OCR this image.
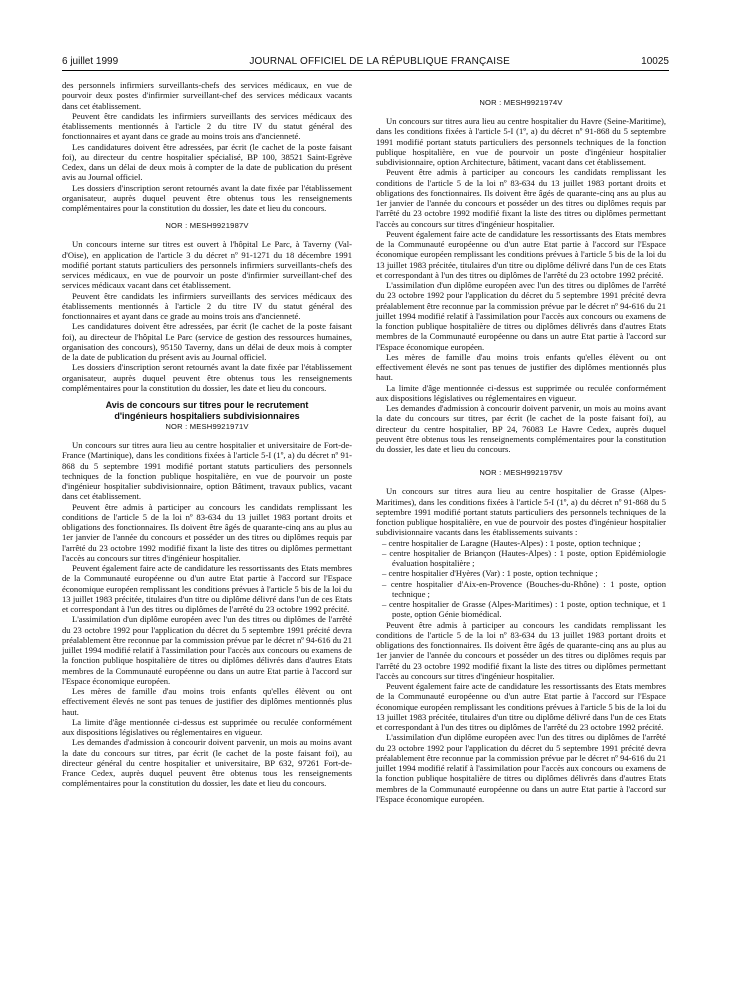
6 juillet 1999	JOURNAL OFFICIEL DE LA RÉPUBLIQUE FRANÇAISE	10025

des personnels infirmiers surveillants-chefs des services médicaux, en vue de pourvoir deux postes d'infirmier surveillant-chef des services médicaux vacants dans cet établissement.

Peuvent être candidats les infirmiers surveillants des services médicaux des établissements mentionnés à l'article 2 du titre IV du statut général des fonctionnaires et ayant dans ce grade au moins trois ans d'ancienneté.

Les candidatures doivent être adressées, par écrit (le cachet de la poste faisant foi), au directeur du centre hospitalier spécialisé, BP 100, 38521 Saint-Egrève Cedex, dans un délai de deux mois à compter de la date de publication du présent avis au Journal officiel.

Les dossiers d'inscription seront retournés avant la date fixée par l'établissement organisateur, auprès duquel peuvent être obtenus tous les renseignements complémentaires pour la constitution du dossier, les date et lieu du concours.

NOR : MESH9921987V

Un concours interne sur titres est ouvert à l'hôpital Le Parc, à Taverny (Val-d'Oise), en application de l'article 3 du décret nº 91-1271 du 18 décembre 1991 modifié portant statuts particuliers des personnels infirmiers surveillants-chefs des services médicaux, en vue de pourvoir un poste d'infirmier surveillant-chef des services médicaux vacant dans cet établissement.

Peuvent être candidats les infirmiers surveillants des services médicaux des établissements mentionnés à l'article 2 du titre IV du statut général des fonctionnaires et ayant dans ce grade au moins trois ans d'ancienneté.

Les candidatures doivent être adressées, par écrit (le cachet de la poste faisant foi), au directeur de l'hôpital Le Parc (service de gestion des ressources humaines, organisation des concours), 95150 Taverny, dans un délai de deux mois à compter de la date de publication du présent avis au Journal officiel.

Les dossiers d'inscription seront retournés avant la date fixée par l'établissement organisateur, auprès duquel peuvent être obtenus tous les renseignements complémentaires pour la constitution du dossier, les date et lieu du concours.

Avis de concours sur titres pour le recrutement
d'ingénieurs hospitaliers subdivisionnaires
NOR : MESH9921971V

Un concours sur titres aura lieu au centre hospitalier et universitaire de Fort-de-France (Martinique), dans les conditions fixées à l'article 5-I (1º, a) du décret nº 91-868 du 5 septembre 1991 modifié portant statuts particuliers des personnels techniques de la fonction publique hospitalière, en vue de pourvoir un poste d'ingénieur hospitalier subdivisionnaire, option Bâtiment, travaux publics, vacant dans cet établissement.

Peuvent être admis à participer au concours les candidats remplissant les conditions de l'article 5 de la loi nº 83-634 du 13 juillet 1983 portant droits et obligations des fonctionnaires. Ils doivent être âgés de quarante-cinq ans au plus au 1er janvier de l'année du concours et posséder un des titres ou diplômes requis par l'arrêté du 23 octobre 1992 modifié fixant la liste des titres ou diplômes permettant l'accès au concours sur titres d'ingénieur hospitalier.

Peuvent également faire acte de candidature les ressortissants des Etats membres de la Communauté européenne ou d'un autre Etat partie à l'accord sur l'Espace économique européen remplissant les conditions prévues à l'article 5 bis de la loi du 13 juillet 1983 précitée, titulaires d'un titre ou diplôme délivré dans l'un de ces Etats et correspondant à l'un des titres ou diplômes de l'arrêté du 23 octobre 1992 précité.

L'assimilation d'un diplôme européen avec l'un des titres ou diplômes de l'arrêté du 23 octobre 1992 pour l'application du décret du 5 septembre 1991 précité devra préalablement être reconnue par la commission prévue par le décret nº 94-616 du 21 juillet 1994 modifié relatif à l'assimilation pour l'accès aux concours ou examens de la fonction publique hospitalière de titres ou diplômes délivrés dans d'autres Etats membres de la Communauté européenne ou dans un autre Etat partie à l'accord sur l'Espace économique européen.

Les mères de famille d'au moins trois enfants qu'elles élèvent ou ont effectivement élevés ne sont pas tenues de justifier des diplômes mentionnés plus haut.

La limite d'âge mentionnée ci-dessus est supprimée ou reculée conformément aux dispositions législatives ou réglementaires en vigueur.

Les demandes d'admission à concourir doivent parvenir, un mois au moins avant la date du concours sur titres, par écrit (le cachet de la poste faisant foi), au directeur général du centre hospitalier et universitaire, BP 632, 97261 Fort-de-France Cedex, auprès duquel peuvent être obtenus tous les renseignements complémentaires pour la constitution du dossier, les date et lieu du concours.

NOR : MESH9921974V

Un concours sur titres aura lieu au centre hospitalier du Havre (Seine-Maritime), dans les conditions fixées à l'article 5-I (1º, a) du décret nº 91-868 du 5 septembre 1991 modifié portant statuts particuliers des personnels techniques de la fonction publique hospitalière, en vue de pourvoir un poste d'ingénieur hospitalier subdivisionnaire, option Architecture, bâtiment, vacant dans cet établissement.

Peuvent être admis à participer au concours les candidats remplissant les conditions de l'article 5 de la loi nº 83-634 du 13 juillet 1983 portant droits et obligations des fonctionnaires. Ils doivent être âgés de quarante-cinq ans au plus au 1er janvier de l'année du concours et posséder un des titres ou diplômes requis par l'arrêté du 23 octobre 1992 modifié fixant la liste des titres ou diplômes permettant l'accès au concours sur titres d'ingénieur hospitalier.

Peuvent également faire acte de candidature les ressortissants des Etats membres de la Communauté européenne ou d'un autre Etat partie à l'accord sur l'Espace économique européen remplissant les conditions prévues à l'article 5 bis de la loi du 13 juillet 1983 précitée, titulaires d'un titre ou diplôme délivré dans l'un de ces Etats et correspondant à l'un des titres ou diplômes de l'arrêté du 23 octobre 1992 précité.

L'assimilation d'un diplôme européen avec l'un des titres ou diplômes de l'arrêté du 23 octobre 1992 pour l'application du décret du 5 septembre 1991 précité devra préalablement être reconnue par la commission prévue par le décret nº 94-616 du 21 juillet 1994 modifié relatif à l'assimilation pour l'accès aux concours ou examens de la fonction publique hospitalière de titres ou diplômes délivrés dans d'autres Etats membres de la Communauté européenne ou dans un autre Etat partie à l'accord sur l'Espace économique européen.

Les mères de famille d'au moins trois enfants qu'elles élèvent ou ont effectivement élevés ne sont pas tenues de justifier des diplômes mentionnés plus haut.

La limite d'âge mentionnée ci-dessus est supprimée ou reculée conformément aux dispositions législatives ou réglementaires en vigueur.

Les demandes d'admission à concourir doivent parvenir, un mois au moins avant la date du concours sur titres, par écrit (le cachet de la poste faisant foi), au directeur du centre hospitalier, BP 24, 76083 Le Havre Cedex, auprès duquel peuvent être obtenus tous les renseignements complémentaires pour la constitution du dossier, les date et lieu du concours.

NOR : MESH9921975V

Un concours sur titres aura lieu au centre hospitalier de Grasse (Alpes-Maritimes), dans les conditions fixées à l'article 5-I (1º, a) du décret nº 91-868 du 5 septembre 1991 modifié portant statuts particuliers des personnels techniques de la fonction publique hospitalière, en vue de pourvoir des postes d'ingénieur hospitalier subdivisionnaire vacants dans les établissements suivants :

– centre hospitalier de Laragne (Hautes-Alpes) : 1 poste, option technique ;
– centre hospitalier de Briançon (Hautes-Alpes) : 1 poste, option Epidémiologie évaluation hospitalière ;
– centre hospitalier d'Hyères (Var) : 1 poste, option technique ;
– centre hospitalier d'Aix-en-Provence (Bouches-du-Rhône) : 1 poste, option technique ;
– centre hospitalier de Grasse (Alpes-Maritimes) : 1 poste, option technique, et 1 poste, option Génie biomédical.

Peuvent être admis à participer au concours les candidats remplissant les conditions de l'article 5 de la loi nº 83-634 du 13 juillet 1983 portant droits et obligations des fonctionnaires. Ils doivent être âgés de quarante-cinq ans au plus au 1er janvier de l'année du concours et posséder un des titres ou diplômes requis par l'arrêté du 23 octobre 1992 modifié fixant la liste des titres ou diplômes permettant l'accès au concours sur titres d'ingénieur hospitalier.

Peuvent également faire acte de candidature les ressortissants des Etats membres de la Communauté européenne ou d'un autre Etat partie à l'accord sur l'Espace économique européen remplissant les conditions prévues à l'article 5 bis de la loi du 13 juillet 1983 précitée, titulaires d'un titre ou diplôme délivré dans l'un de ces Etats et correspondant à l'un des titres ou diplômes de l'arrêté du 23 octobre 1992 précité.

L'assimilation d'un diplôme européen avec l'un des titres ou diplômes de l'arrêté du 23 octobre 1992 pour l'application du décret du 5 septembre 1991 précité devra préalablement être reconnue par la commission prévue par le décret nº 94-616 du 21 juillet 1994 modifié relatif à l'assimilation pour l'accès aux concours ou examens de la fonction publique hospitalière de titres ou diplômes délivrés dans d'autres Etats membres de la Communauté européenne ou dans un autre Etat partie à l'accord sur l'Espace économique européen.
